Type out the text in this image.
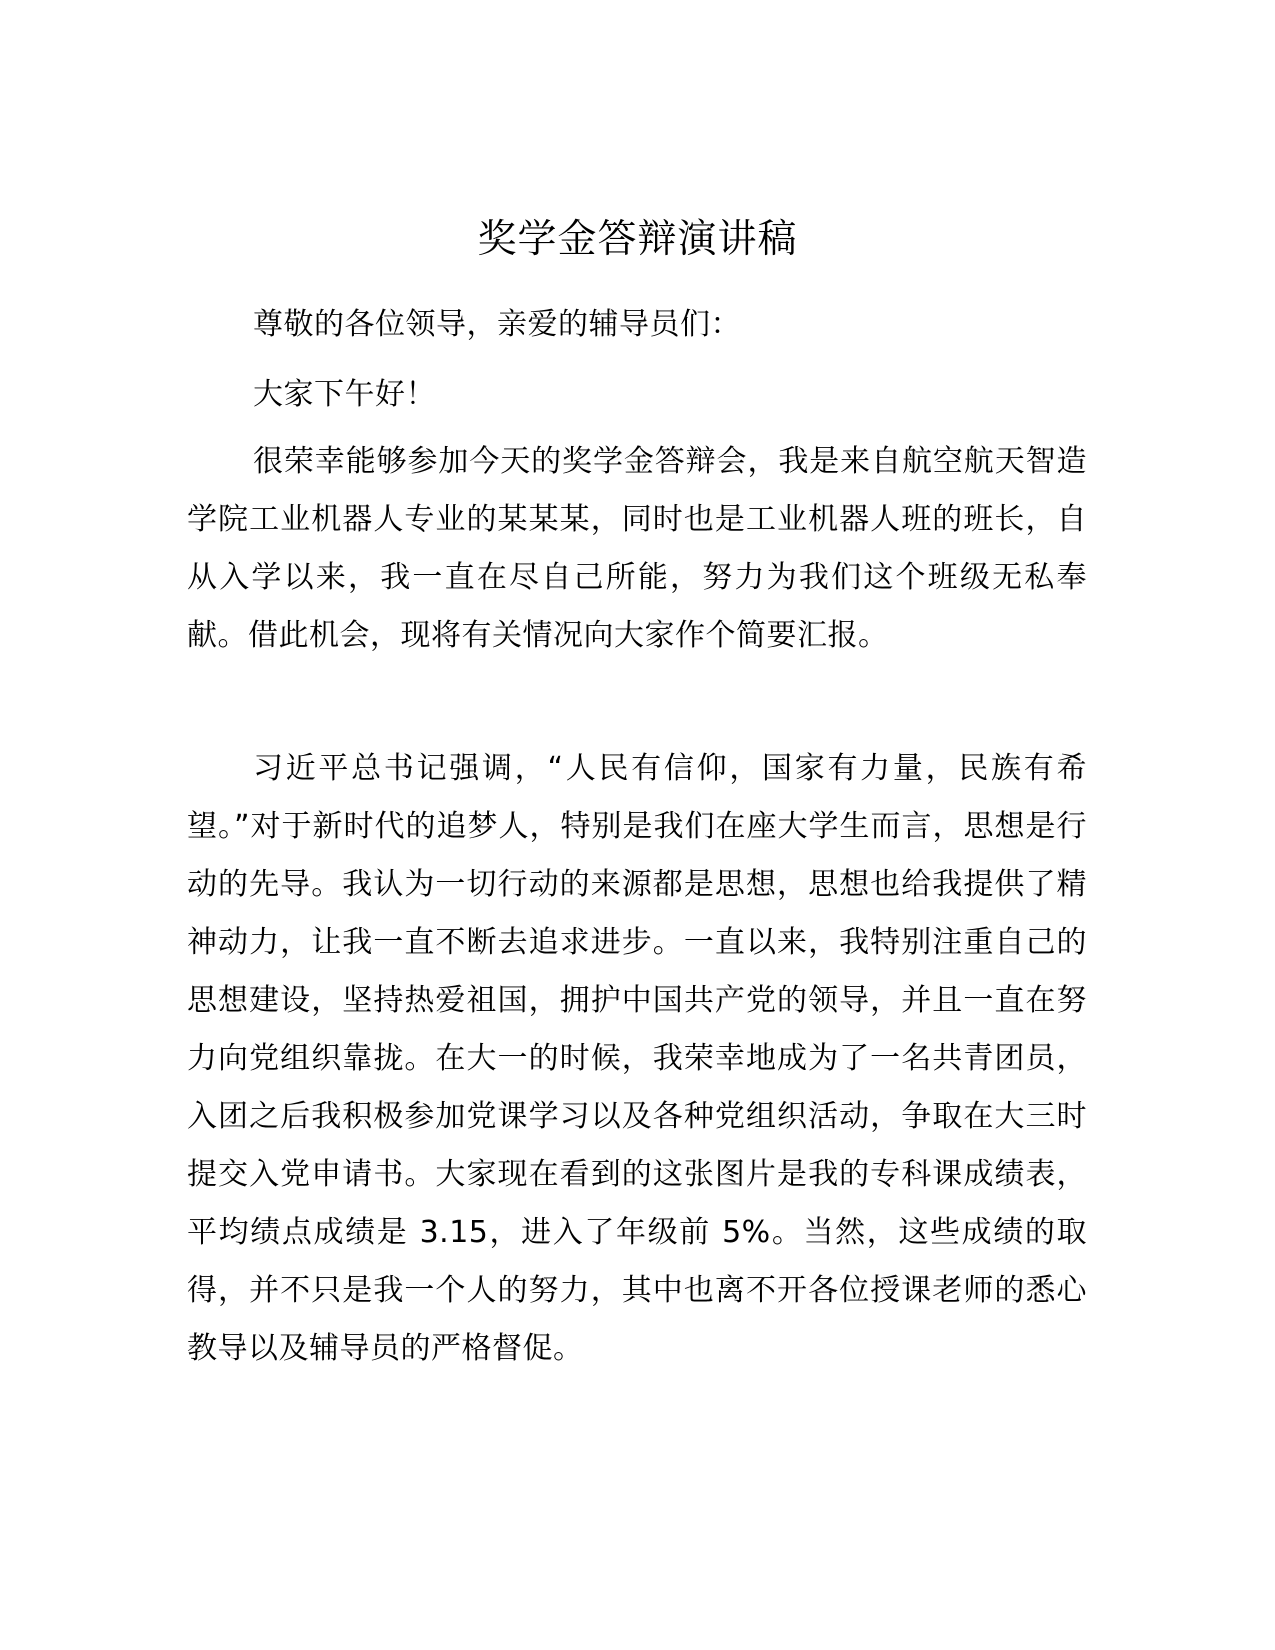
奖学金答辩演讲稿

尊敬的各位领导，亲爱的辅导员们：

大家下午好！

很荣幸能够参加今天的奖学金答辩会，我是来自航空航天智造学院工业机器人专业的某某某，同时也是工业机器人班的班长，自从入学以来，我一直在尽自己所能，努力为我们这个班级无私奉献。借此机会，现将有关情况向大家作个简要汇报。

习近平总书记强调，“人民有信仰，国家有力量，民族有希望。”对于新时代的追梦人，特别是我们在座大学生而言，思想是行动的先导。我认为一切行动的来源都是思想，思想也给我提供了精神动力，让我一直不断去追求进步。一直以来，我特别注重自己的思想建设，坚持热爱祖国，拥护中国共产党的领导，并且一直在努力向党组织靠拢。在大一的时候，我荣幸地成为了一名共青团员，入团之后我积极参加党课学习以及各种党组织活动，争取在大三时提交入党申请书。大家现在看到的这张图片是我的专科课成绩表，平均绩点成绩是 3.15，进入了年级前 5%。当然，这些成绩的取得，并不只是我一个人的努力，其中也离不开各位授课老师的悉心教导以及辅导员的严格督促。
